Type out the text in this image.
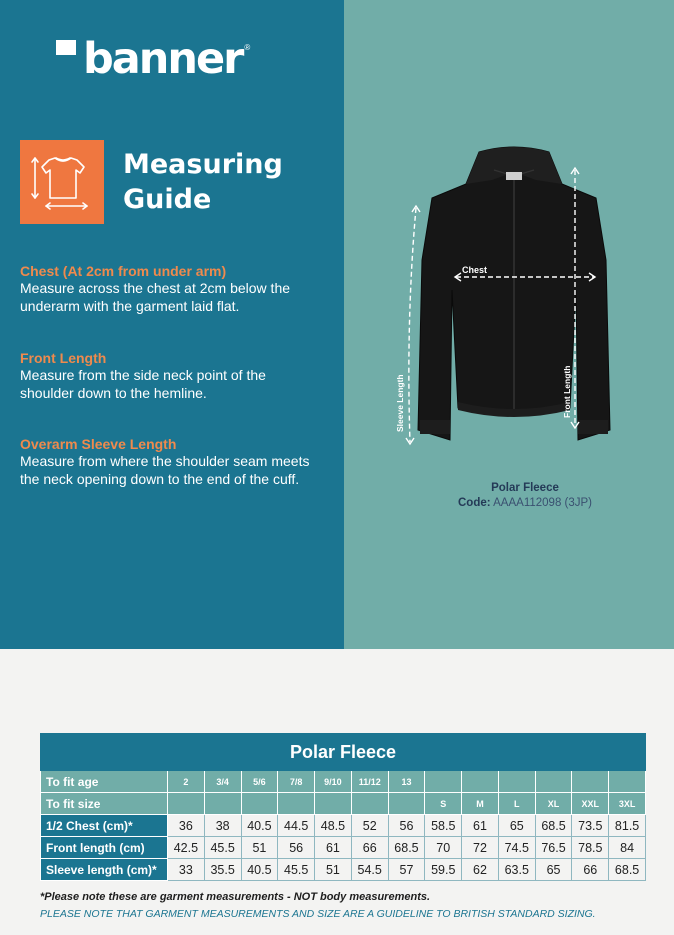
banner ®
Measuring
Guide
Chest (At 2cm from under arm)
Measure across the chest at 2cm below the underarm with the garment laid flat.
Front Length
Measure from the side neck point of the shoulder down to the hemline.
Overarm Sleeve Length
Measure from where the shoulder seam meets the neck opening down to the end of the cuff.
Chest
Sleeve Length	Front Length
Polar Fleece
Code: AAAA112098 (3JP)
Polar Fleece													
To fit age	2	3/4	5/6	7/8	9/10	11/12	13						
To fit size								S	M	L	XL	XXL	3XL
1/2 Chest (cm)*	36	38	40.5	44.5	48.5	52	56	58.5	61	65	68.5	73.5	81.5
Front length (cm)	42.5	45.5	51	56	61	66	68.5	70	72	74.5	76.5	78.5	84
Sleeve length (cm)*	33	35.5	40.5	45.5	51	54.5	57	59.5	62	63.5	65	66	68.5
*Please note these are garment measurements - NOT body measurements.
PLEASE NOTE THAT GARMENT MEASUREMENTS AND SIZE ARE A GUIDELINE TO BRITISH STANDARD SIZING.
